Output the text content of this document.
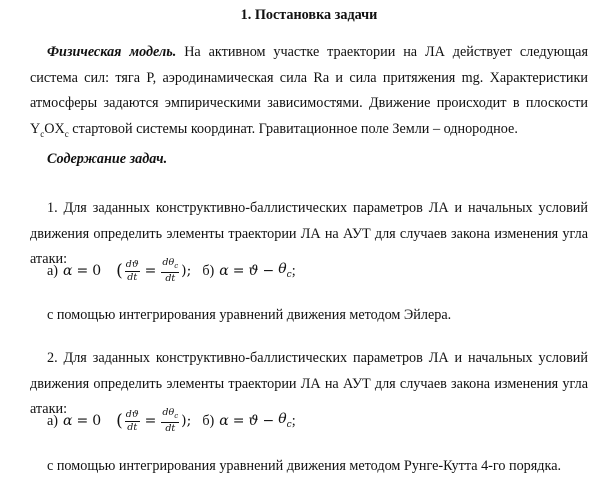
1. Постановка задачи
Физическая модель. На активном участке траектории на ЛА действует следующая система сил: тяга P, аэродинамическая сила Ra и сила притяжения mg. Характеристики атмосферы задаются эмпирическими зависимостями. Движение происходит в плоскости $Y_cOX_c$ стартовой системы координат. Гравитационное поле Земли – однородное.
Содержание задач.
1. Для заданных конструктивно-баллистических параметров ЛА и начальных условий движения определить элементы траектории ЛА на АУТ для случаев закона изменения угла атаки:
а) α = 0 ( $\frac{dϑ}{dt} = \frac{d\theta_c}{dt}$ ); б) $\alpha = ϑ - \theta_c$ ;
с помощью интегрирования уравнений движения методом Эйлера.
2. Для заданных конструктивно-баллистических параметров ЛА и начальных условий движения определить элементы траектории ЛА на АУТ для случаев закона изменения угла атаки:
а) α = 0 ( $\frac{dϑ}{dt} = \frac{d\theta_c}{dt}$ ); б) $\alpha = ϑ - \theta_c$ ;
с помощью интегрирования уравнений движения методом Рунге-Кутта 4-го порядка.
